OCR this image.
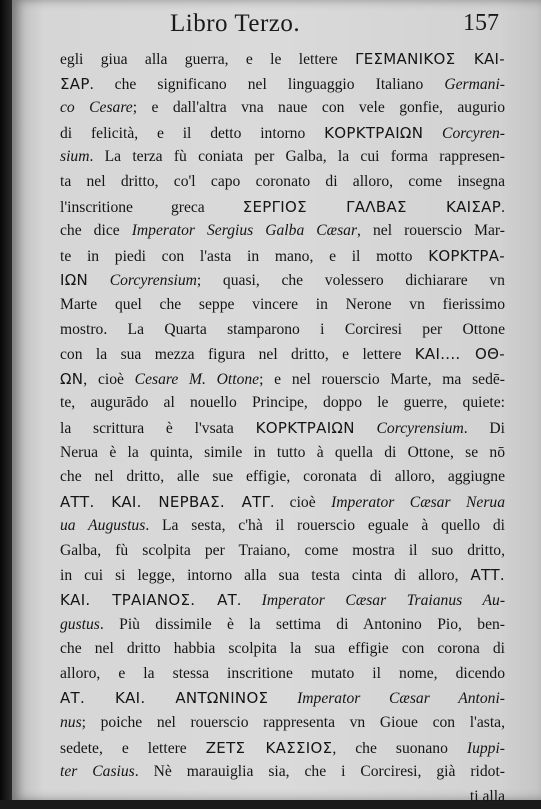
Libro Terzo.	157
egli giua alla guerra, e le lettere ΓΕΣΜΑΝΙΚΟΣ ΚΑΙ-
ΣΑΡ. che significano nel linguaggio Italiano Germani-
co Cesare; e dall'altra vna naue con vele gonfie, augurio
di felicità, e il detto intorno ΚΟΡΚΤΡΑΙΩΝ Corcyren-
sium. La terza fù coniata per Galba, la cui forma rappresen-
ta nel dritto, co'l capo coronato di alloro, come insegna
l'inscritione greca ΣΕΡΓΙΟΣ ΓΑΛΒΑΣ ΚΑΙΣΑΡ.
che dice Imperator Sergius Galba Cæsar, nel rouerscio Mar-
te in piedi con l'asta in mano, e il motto ΚΟΡΚΤΡΑ-
ΙΩΝ Corcyrensium; quasi, che volessero dichiarare vn
Marte quel che seppe vincere in Nerone vn fierissimo
mostro. La Quarta stamparono i Corciresi per Ottone
con la sua mezza figura nel dritto, e lettere ΚΑΙ.... ΟΘ-
ΩΝ, cioè Cesare M. Ottone; e nel rouerscio Marte, ma sedē-
te, augurādo al nouello Principe, doppo le guerre, quiete:
la scrittura è l'vsata ΚΟΡΚΤΡΑΙΩΝ Corcyrensium. Di
Nerua è la quinta, simile in tutto à quella di Ottone, se nō
che nel dritto, alle sue effigie, coronata di alloro, aggiugne
ΑΤΤ. ΚΑΙ. ΝΕΡΒΑΣ. ΑΤΓ. cioè Imperator Cæsar Nerua
ua Augustus. La sesta, c'hà il rouerscio eguale à quello di
Galba, fù scolpita per Traiano, come mostra il suo dritto,
in cui si legge, intorno alla sua testa cinta di alloro, ΑΤΤ.
ΚΑΙ. ΤΡΑΙΑΝΟΣ. ΑΤ. Imperator Cæsar Traianus Au-
gustus. Più dissimile è la settima di Antonino Pio, ben-
che nel dritto habbia scolpita la sua effigie con corona di
alloro, e la stessa inscritione mutato il nome, dicendo
ΑΤ. ΚΑΙ. ΑΝΤΩΝΙΝΟΣ Imperator Cæsar Antoni-
nus; poiche nel rouerscio rappresenta vn Gioue con l'asta,
sedete, e lettere ΖΕΤΣ ΚΑΣΣΙΟΣ, che suonano Iuppi-
ter Casius. Nè marauiglia sia, che i Corciresi, già ridot-
ti alla
